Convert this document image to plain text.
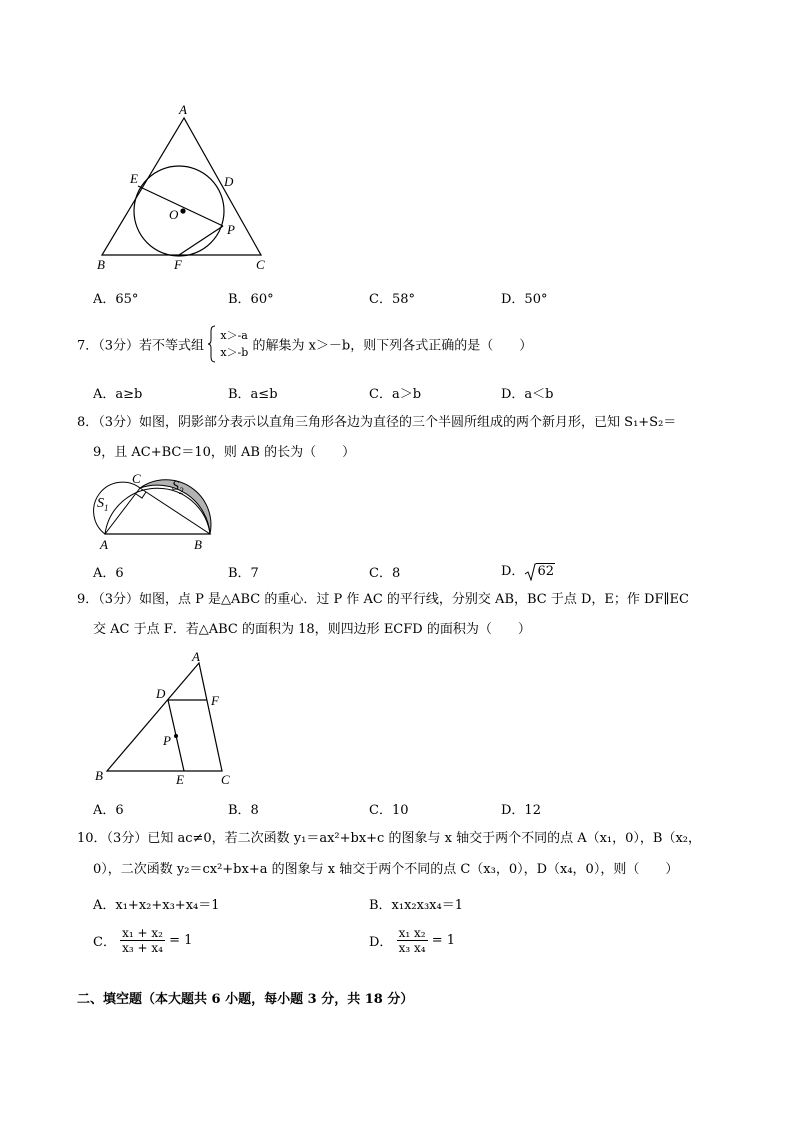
A
E	D
O
P
B	F	C
A．65°	B．60°	C．58°	D．50°
7．（3分）若不等式组
x＞-a
x＞-b 的解集为 x＞－b，则下列各式正确的是（　　）
A．a≥b	B．a≤b	C．a＞b	D．a＜b
8．（3分）如图，阴影部分表示以直角三角形各边为直径的三个半圆所组成的两个新月形，已知 S₁+S₂＝
9，且 AC+BC＝10，则 AB 的长为（　　）
C
$S_1$
$S_2$
A	B
A．6	B．7	C．8	D． 62
9．（3分）如图，点 P 是△ABC 的重心．过 P 作 AC 的平行线，分别交 AB，BC 于点 D，E；作 DF∥EC
交 AC 于点 F．若△ABC 的面积为 18，则四边形 ECFD 的面积为（　　）
A
D	F
P
B	E	C
A．6	B．8	C．10	D．12
10．（3分）已知 ac≠0，若二次函数 y₁＝ax²+bx+c 的图象与 x 轴交于两个不同的点 A（x₁，0），B（x₂，
0），二次函数 y₂＝cx²+bx+a 的图象与 x 轴交于两个不同的点 C（x₃，0），D（x₄，0），则（　　）
A．x₁+x₂+x₃+x₄＝1	B．x₁x₂x₃x₄＝1
C． $\frac{\text{x₁ + x₂}}{\text{x₃ + x₄}} = 1$	D． $\frac{\text{x₁ x₂}}{\text{x₃ x₄}} = 1$
二、填空题（本大题共 6 小题，每小题 3 分，共 18 分）
